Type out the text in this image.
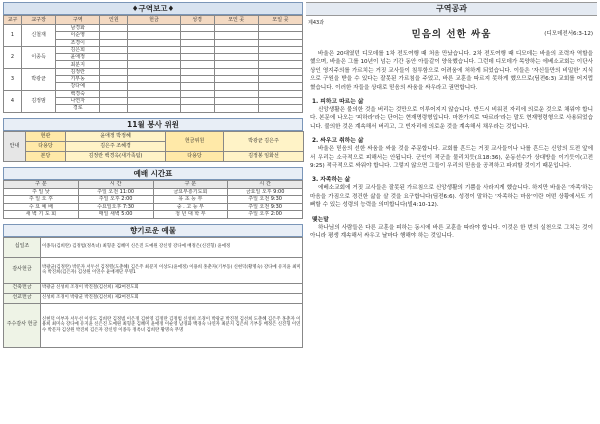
♦구역보고♦
교구	교구장	구역	인원	헌금	성경	모인 곳	모일 곳
1	신철재	남경화					
		이순영					
		조경이					
2	이종득	김은희					
		윤애정					
		최분지					
3	박광균	김정란					
		기부동					
		강다예					
4	김정범	백경숙					
		나연자					
		경로					
11월 봉사 위원
안내	현관	윤애정 박정혜	헌금위원	박광균 김은주
	다용당	김은주 조혜경		
	본당	김정란 백경옥(새가족팀)	다용당	김정봉 임화선
예배 시간표
구 분	시 간	구 분	시 간
주 일 낮	주일 오전 11:00	금요부흥기도회	금요일 오후 9:00
주 일 오 후	주일 오후 2:00	유 초 등 부	주일 오전 9:30
수 요 예 배	수요일오후 7:30	중 . 고 등 부	주일 오전 9:30
새 벽 기 도 회	매일 새벽 5:00	청 년 대 학 부	주일 오후 2:00
향기로운 예물
십일조	이종득(김희란) 김정범(정옥녀) 최형준 김혜미 신은진 도예원 강신영 강다예 배정은(신진형) 윤애정
감사헌금	박광균(김정란) 박문자 서두선 김정렬(도춘혜) 김은주 최분지 이상도(윤애정) 이용희 홍춘자(기부동) 신현덕(황명숙) 강다예 유지윤 최미숙 박진희(김은자) 김상원 이연수 윤애재단 무명1
건축헌금	박광균 신성희 조경이 박진철(김선희) 제2여전도회
선교헌금	신성희 조경이 박광균 박진철(김선희) 제2여전도회
주수감사 헌금	신현덕 이부자 서두선 이상도 김희란 김정범 이은정 김현영 김정란 김정범 신성희 조경이 박광균 박진철 김선희 도춘혜 김은주 홍춘자 이용희 최미숙 강다예 유지윤 신은진 도예원 최형준 김혜미 윤애정 이순영 남경화 백경숙 나연자 최분지 김은희 기부동 배정은 신진형 이연수 박문자 김상원 박진희 김은자 강신영 이종득 정옥녀 김희란 황명숙 무명
구역공과
제43과
믿음의 선한 싸움	(디모데전서6:3-12)

바울은 20대였던 디모데를 1차 전도여행 때 처음 만났습니다. 2차 전도여행 때 디모데는 바울의 조력자 역할을 했으며, 바울은 그를 10년이 넘는 기간 동안 아들같이 양육했습니다. 그런데 디모데가 목양하는 에베소교회는 이단사상인 영지주의를 가르치는 거짓 교사들이 침투함으로 어려움에 처하게 되었습니다. 이들은 '자신들만의 비밀한' 지식으로 구원을 받을 수 있다는 잘못된 가르침을 주었고, 바른 교훈을 따르지 못하게 했으므로(딤전6:3) 교회를 어지럽혔습니다. 이러한 자들을 상대로 믿음의 싸움을 싸우라고 권면합니다.

1. 피하고 따르는 삶

신앙생활은 불의한 것을 버리는 것만으로 이루어지지 않습니다. 반드시 비워진 자리에 의로운 것으로 채워야 합니다. 본문에 나오는 '피하라'라는 단어는 현재명령형입니다. 마찬가지로 '따르라'라는 말도 현재명령형으로 사용되었습니다. 불의한 것은 계속해서 버리고, 그 빈자리에 의로운 것을 계속해서 채우라는 것입니다.

2. 싸우고 취하는 삶

바울은 믿음의 선한 싸움을 싸울 것을 주문합니다. 교회를 흔드는 거짓 교사들이나 나를 흔드는 신앙의 도전 앞에서 우리는 소극적으로 피해서는 안됩니다. 군인이 적군을 물리치듯(요18:36), 운동선수가 상대방을 이기듯이(고전9:25) 적극적으로 싸워야 합니다. 그렇지 않으면 그들이 우리의 믿음을 공격하고 파괴할 것이기 때문입니다.

3. 자족하는 삶

에베소교회에 거짓 교사들은 잘못된 가르침으로 신앙생활의 기쁨을 사라지게 했습니다. 하지만 바울은 '자족'하는 마음을 가짐으로 경건한 삶을 살 것을 요구합니다(딤전6:6). 성경이 말하는 '자족하는 마음'이란 어떤 상황에서도 기뻐할 수 있는 성령의 능력을 의미합니다(빌4:10-12).

맺는말

하나님의 사람들은 다른 교훈을 피하는 동시에 바른 교훈을 따라야 합니다. 이것은 한 번의 실천으로 그치는 것이 아니라 평생 계속해서 싸우고 날마다 행해야 하는 것입니다.
